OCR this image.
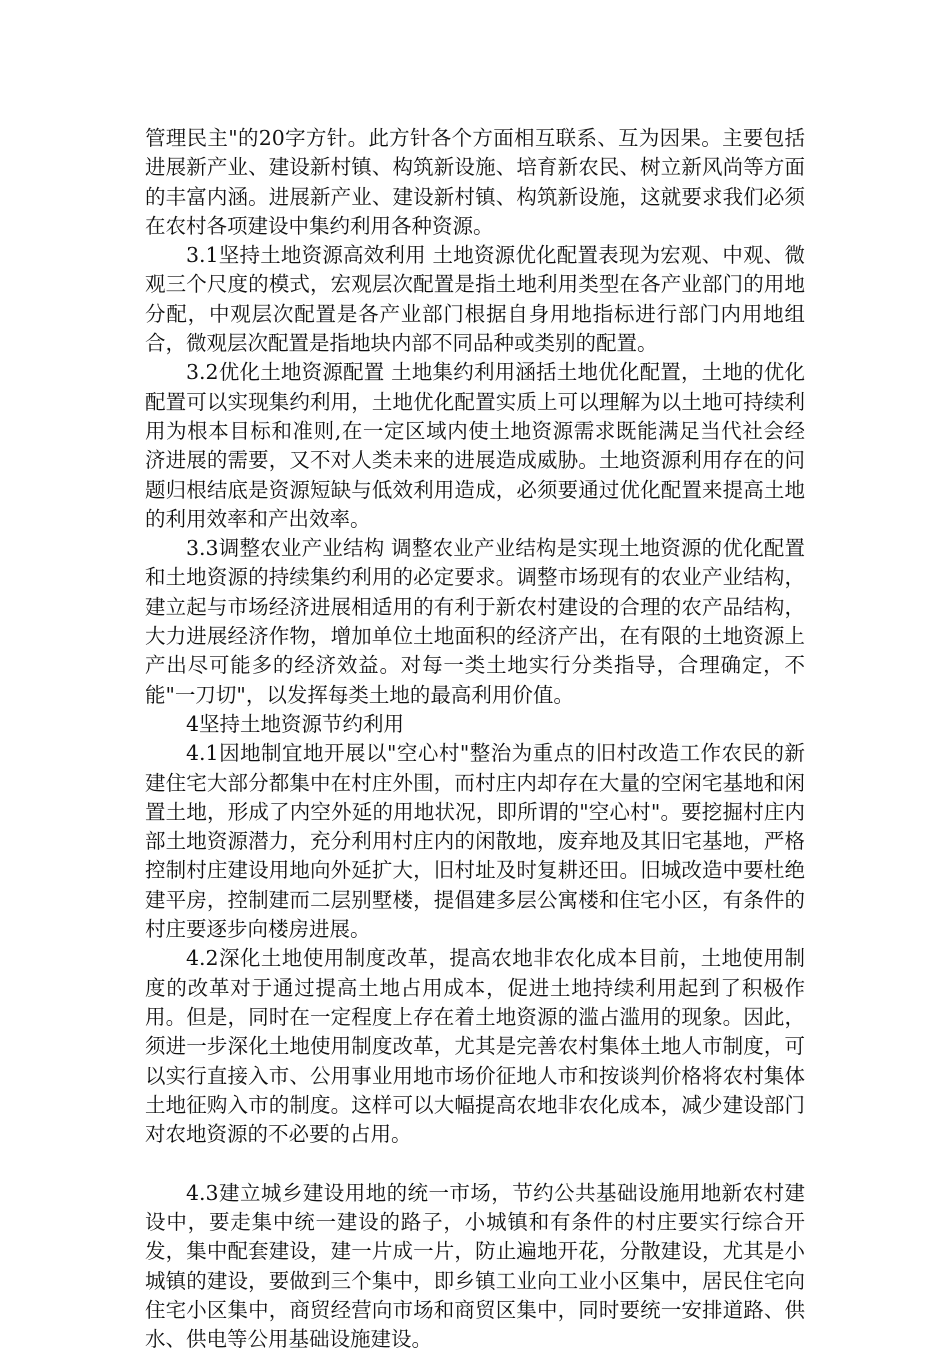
管理民主"的20字方针。此方针各个方面相互联系、互为因果。主要包括进展新产业、建设新村镇、构筑新设施、培育新农民、树立新风尚等方面的丰富内涵。进展新产业、建设新村镇、构筑新设施，这就要求我们必须在农村各项建设中集约利用各种资源。

3.1坚持土地资源高效利用 土地资源优化配置表现为宏观、中观、微观三个尺度的模式，宏观层次配置是指土地利用类型在各产业部门的用地分配，中观层次配置是各产业部门根据自身用地指标进行部门内用地组合，微观层次配置是指地块内部不同品种或类别的配置。

3.2优化土地资源配置 土地集约利用涵括土地优化配置，土地的优化配置可以实现集约利用，土地优化配置实质上可以理解为以土地可持续利用为根本目标和准则,在一定区域内使土地资源需求既能满足当代社会经济进展的需要，又不对人类未来的进展造成威胁。土地资源利用存在的问题归根结底是资源短缺与低效利用造成，必须要通过优化配置来提高土地的利用效率和产出效率。

3.3调整农业产业结构 调整农业产业结构是实现土地资源的优化配置和土地资源的持续集约利用的必定要求。调整市场现有的农业产业结构，建立起与市场经济进展相适用的有利于新农村建设的合理的农产品结构，大力进展经济作物，增加单位土地面积的经济产出，在有限的土地资源上产出尽可能多的经济效益。对每一类土地实行分类指导，合理确定，不能"一刀切"，以发挥每类土地的最高利用价值。

4坚持土地资源节约利用

4.1因地制宜地开展以"空心村"整治为重点的旧村改造工作农民的新建住宅大部分都集中在村庄外围，而村庄内却存在大量的空闲宅基地和闲置土地，形成了内空外延的用地状况，即所谓的"空心村"。要挖掘村庄内部土地资源潜力，充分利用村庄内的闲散地，废弃地及其旧宅基地，严格控制村庄建设用地向外延扩大，旧村址及时复耕还田。旧城改造中要杜绝建平房，控制建而二层别墅楼，提倡建多层公寓楼和住宅小区，有条件的村庄要逐步向楼房进展。

4.2深化土地使用制度改革，提高农地非农化成本目前，土地使用制度的改革对于通过提高土地占用成本，促进土地持续利用起到了积极作用。但是，同时在一定程度上存在着土地资源的滥占滥用的现象。因此，须进一步深化土地使用制度改革，尤其是完善农村集体土地人市制度，可以实行直接入市、公用事业用地市场价征地人市和按谈判价格将农村集体土地征购入市的制度。这样可以大幅提高农地非农化成本，减少建设部门对农地资源的不必要的占用。

4.3建立城乡建设用地的统一市场，节约公共基础设施用地新农村建设中，要走集中统一建设的路子，小城镇和有条件的村庄要实行综合开发，集中配套建设，建一片成一片，防止遍地开花，分散建设，尤其是小城镇的建设，要做到三个集中，即乡镇工业向工业小区集中，居民住宅向住宅小区集中，商贸经营向市场和商贸区集中，同时要统一安排道路、供水、供电等公用基础设施建设。
